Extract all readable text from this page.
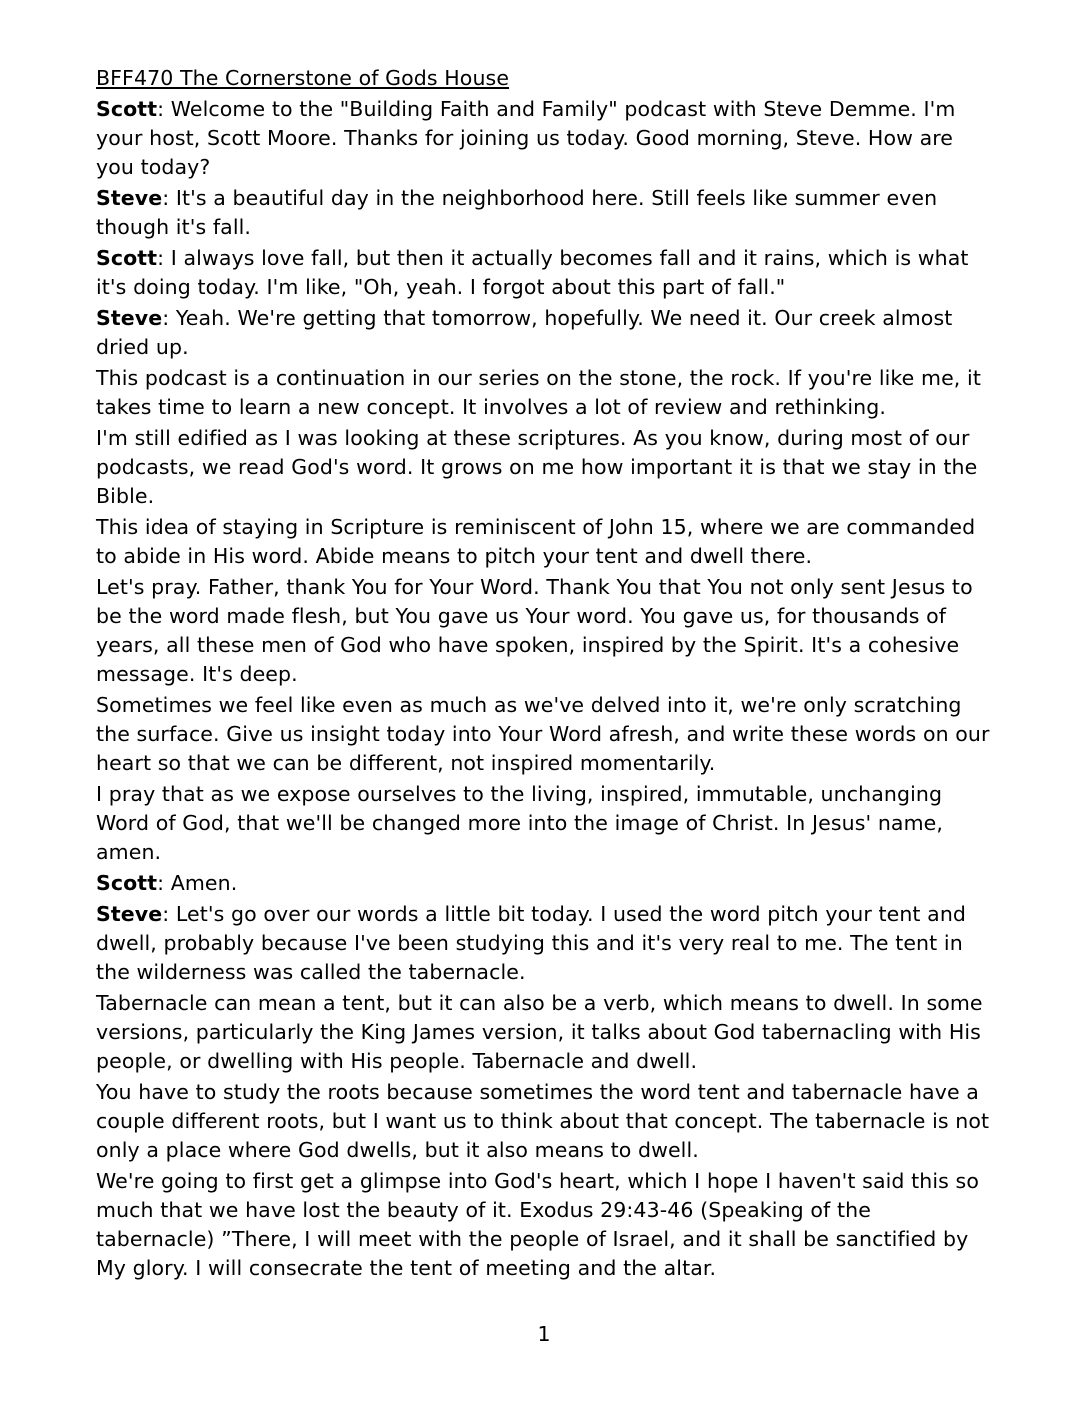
BFF470 The Cornerstone of Gods House

Scott: Welcome to the "Building Faith and Family" podcast with Steve Demme. I'm your host, Scott Moore. Thanks for joining us today. Good morning, Steve. How are you today?

Steve: It's a beautiful day in the neighborhood here. Still feels like summer even though it's fall.

Scott: I always love fall, but then it actually becomes fall and it rains, which is what it's doing today. I'm like, "Oh, yeah. I forgot about this part of fall."

Steve: Yeah. We're getting that tomorrow, hopefully. We need it. Our creek almost dried up.

This podcast is a continuation in our series on the stone, the rock. If you're like me, it takes time to learn a new concept. It involves a lot of review and rethinking.

I'm still edified as I was looking at these scriptures. As you know, during most of our podcasts, we read God's word. It grows on me how important it is that we stay in the Bible.

This idea of staying in Scripture is reminiscent of John 15, where we are commanded to abide in His word. Abide means to pitch your tent and dwell there.

Let's pray. Father, thank You for Your Word. Thank You that You not only sent Jesus to be the word made flesh, but You gave us Your word. You gave us, for thousands of years, all these men of God who have spoken, inspired by the Spirit. It's a cohesive message. It's deep.

Sometimes we feel like even as much as we've delved into it, we're only scratching the surface. Give us insight today into Your Word afresh, and write these words on our heart so that we can be different, not inspired momentarily.

I pray that as we expose ourselves to the living, inspired, immutable, unchanging Word of God, that we'll be changed more into the image of Christ. In Jesus' name, amen.

Scott: Amen.

Steve: Let's go over our words a little bit today. I used the word pitch your tent and dwell, probably because I've been studying this and it's very real to me. The tent in the wilderness was called the tabernacle.

Tabernacle can mean a tent, but it can also be a verb, which means to dwell. In some versions, particularly the King James version, it talks about God tabernacling with His people, or dwelling with His people. Tabernacle and dwell.

You have to study the roots because sometimes the word tent and tabernacle have a couple different roots, but I want us to think about that concept. The tabernacle is not only a place where God dwells, but it also means to dwell.

We're going to first get a glimpse into God's heart, which I hope I haven't said this so much that we have lost the beauty of it. Exodus 29:43-46 (Speaking of the tabernacle) ”There, I will meet with the people of Israel, and it shall be sanctified by My glory. I will consecrate the tent of meeting and the altar.

1
